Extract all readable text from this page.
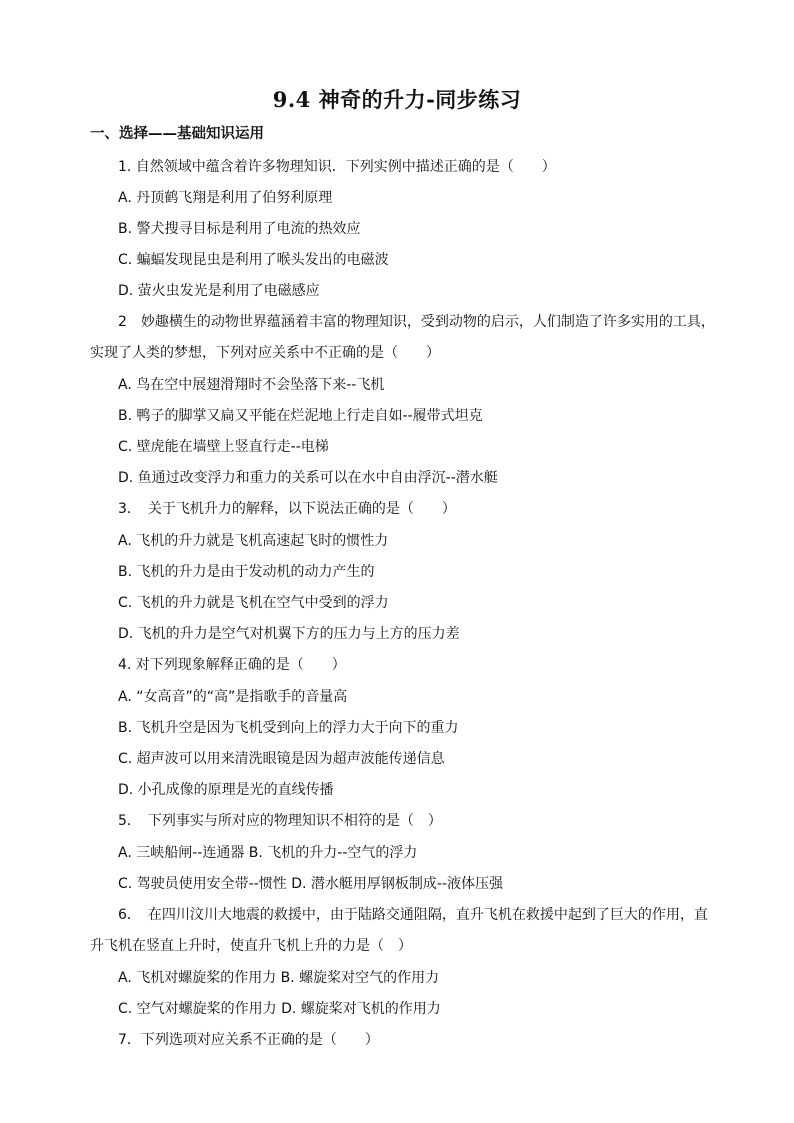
9.4 神奇的升力-同步练习
一、选择——基础知识运用
1. 自然领域中蕴含着许多物理知识．下列实例中描述正确的是（　　）
A. 丹顶鹤飞翔是利用了伯努利原理
B. 警犬搜寻目标是利用了电流的热效应
C. 蝙蝠发现昆虫是利用了喉头发出的电磁波
D. 萤火虫发光是利用了电磁感应
2　妙趣横生的动物世界蕴涵着丰富的物理知识，受到动物的启示，人们制造了许多实用的工具，
实现了人类的梦想，下列对应关系中不正确的是（　　）
A. 鸟在空中展翅滑翔时不会坠落下来--飞机
B. 鸭子的脚掌又扁又平能在烂泥地上行走自如--履带式坦克
C. 壁虎能在墙壁上竖直行走--电梯
D. 鱼通过改变浮力和重力的关系可以在水中自由浮沉--潜水艇
3．　关于飞机升力的解释，以下说法正确的是（　　）
A. 飞机的升力就是飞机高速起飞时的惯性力
B. 飞机的升力是由于发动机的动力产生的
C. 飞机的升力就是飞机在空气中受到的浮力
D. 飞机的升力是空气对机翼下方的压力与上方的压力差
4. 对下列现象解释正确的是（　　）
A. “女高音”的“高”是指歌手的音量高
B. 飞机升空是因为飞机受到向上的浮力大于向下的重力
C. 超声波可以用来清洗眼镜是因为超声波能传递信息
D. 小孔成像的原理是光的直线传播
5．　下列事实与所对应的物理知识不相符的是（　）
A. 三峡船闸--连通器 B. 飞机的升力--空气的浮力
C. 驾驶员使用安全带--惯性 D. 潜水艇用厚钢板制成--液体压强
6．　在四川汶川大地震的救援中，由于陆路交通阻隔，直升飞机在救援中起到了巨大的作用，直
升飞机在竖直上升时，使直升飞机上升的力是（　）
A. 飞机对螺旋桨的作用力 B. 螺旋桨对空气的作用力
C. 空气对螺旋桨的作用力 D. 螺旋桨对飞机的作用力
7．下列选项对应关系不正确的是（　　）
